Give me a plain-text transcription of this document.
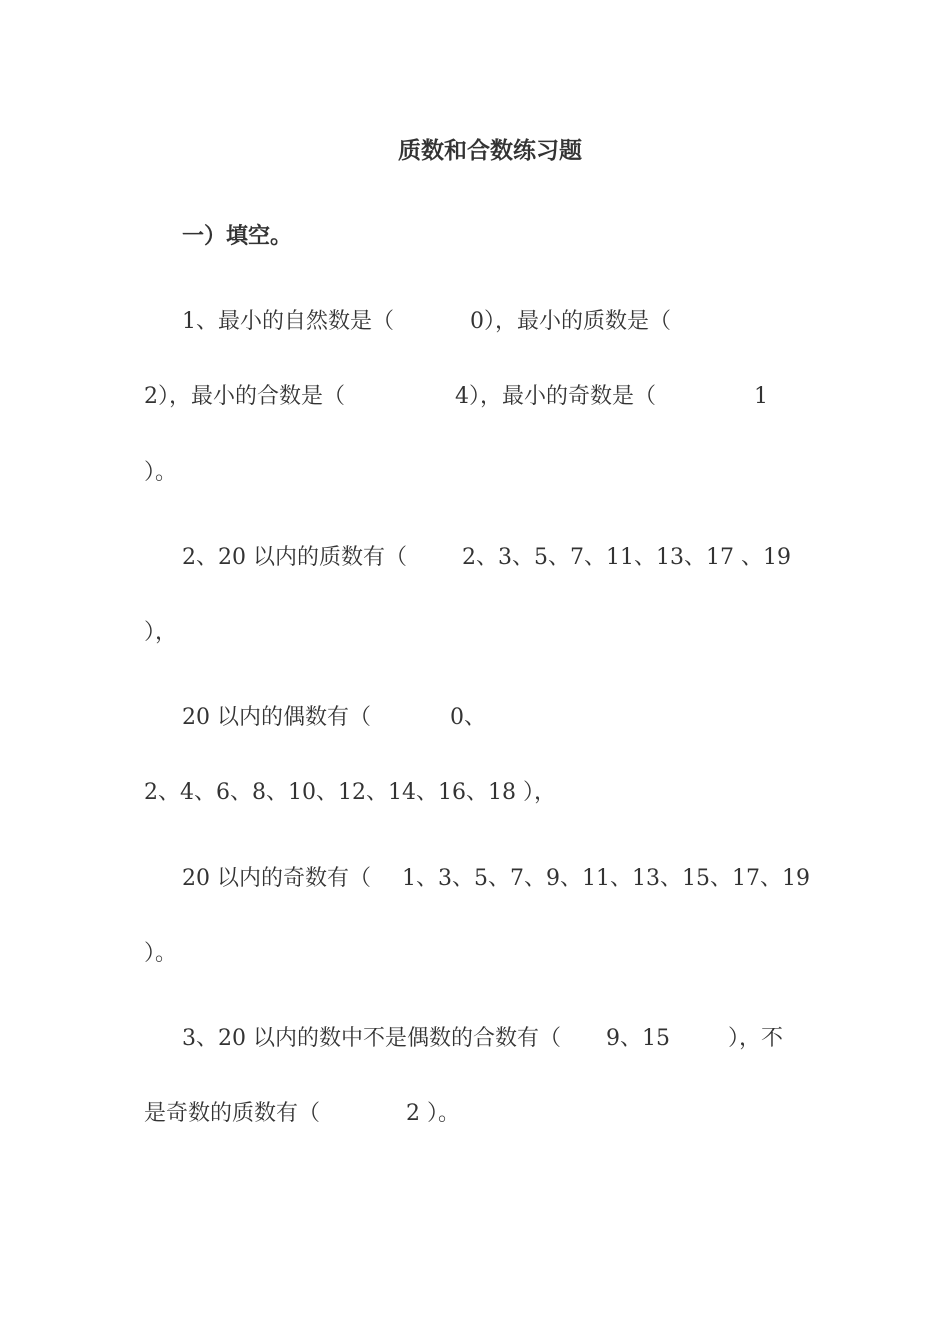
质数和合数练习题
一）填空。
1、最小的自然数是（	0），最小的质数是（
2），最小的合数是（	4），最小的奇数是（	1
）。
2、20 以内的质数有（	2、3、5、7、11、13、17 、19
），
20 以内的偶数有（	0、
2、4、6、8、10、12、14、16、18 ），
20 以内的奇数有（ 1、3、5、7、9、11、13、15、17、19
）。
3、20 以内的数中不是偶数的合数有（ 9、15	），不
是奇数的质数有（	2 ）。
